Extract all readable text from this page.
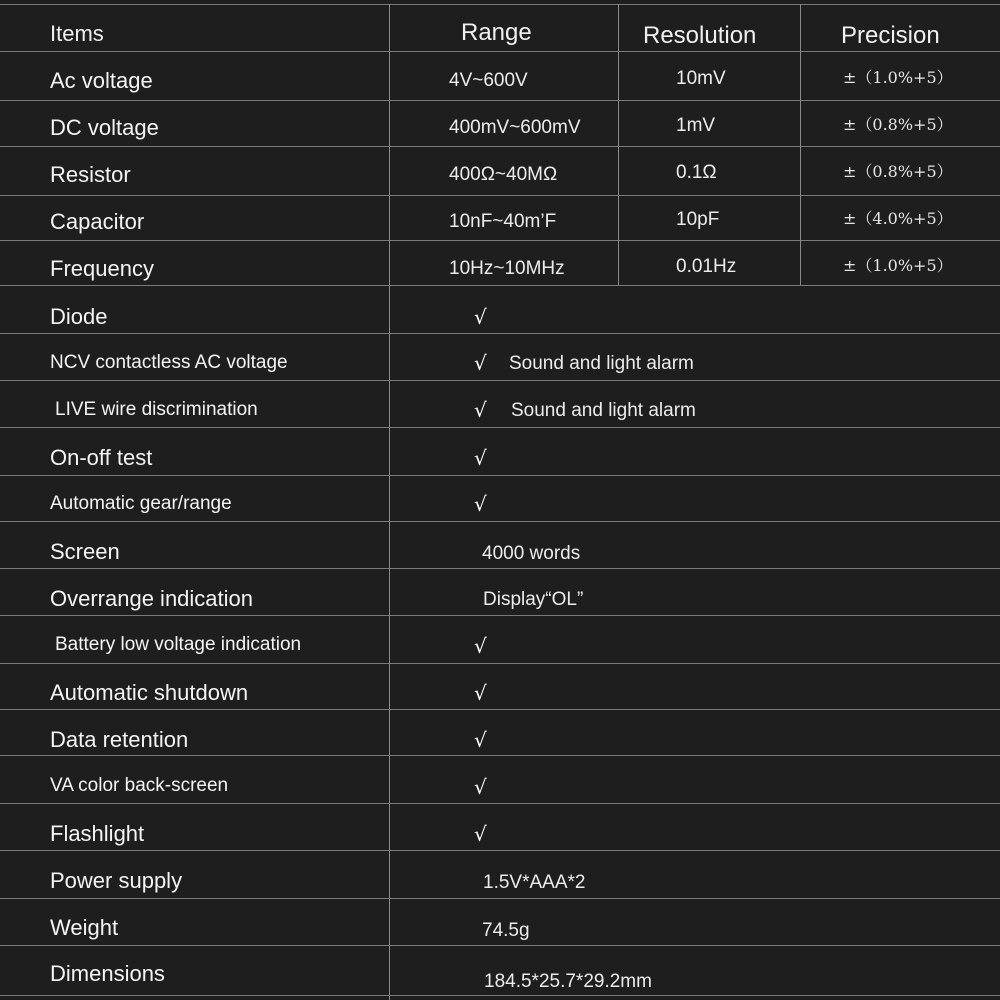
Items	Range	Resolution	Precision
Ac voltage	4V~600V	10mV	±（1.0%+5）
DC voltage	400mV~600mV	1mV	±（0.8%+5）
Resistor	400Ω~40MΩ	0.1Ω	±（0.8%+5）
Capacitor	10nF~40m’F	10pF	±（4.0%+5）
Frequency	10Hz~10MHz	0.01Hz	±（1.0%+5）
Diode	√
NCV contactless AC voltage	√ Sound and light alarm
LIVE wire discrimination	√ Sound and light alarm
On-off test	√
Automatic gear/range	√
Screen	4000 words
Overrange indication	Display“OL”
Battery low voltage indication	√
Automatic shutdown	√
Data retention	√
VA color back-screen	√
Flashlight	√
Power supply	1.5V*AAA*2
Weight	74.5g
Dimensions	184.5*25.7*29.2mm
